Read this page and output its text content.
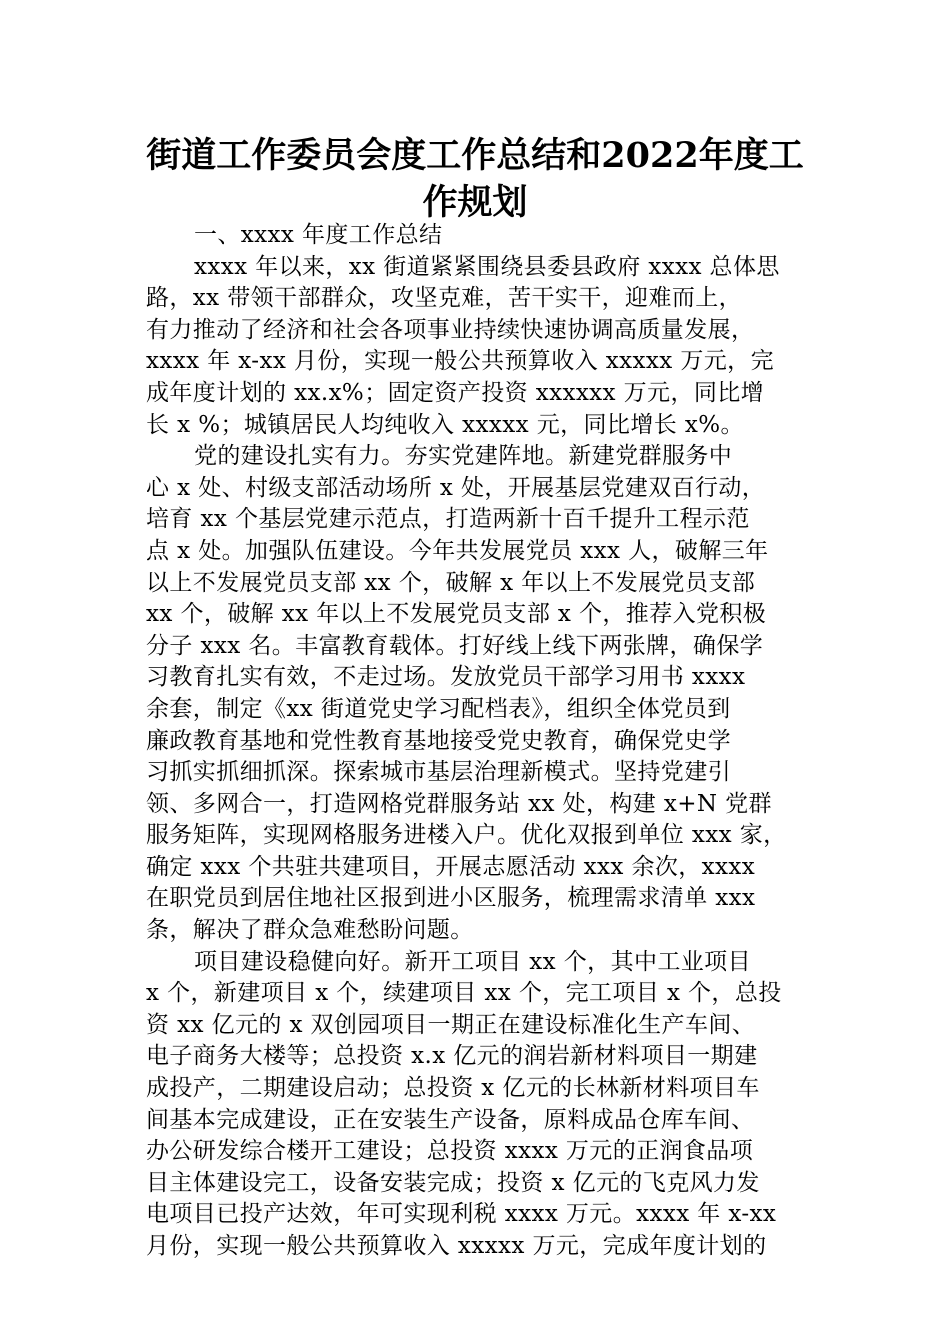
街道工作委员会度工作总结和2022年度工
作规划
一、xxxx 年度工作总结
xxxx 年以来，xx 街道紧紧围绕县委县政府 xxxx 总体思
路，xx 带领干部群众，攻坚克难，苦干实干，迎难而上，
有力推动了经济和社会各项事业持续快速协调高质量发展，
xxxx 年 x-xx 月份，实现一般公共预算收入 xxxxx 万元，完
成年度计划的 xx.x%；固定资产投资 xxxxxx 万元，同比增
长 x %；城镇居民人均纯收入 xxxxx 元，同比增长 x%。
党的建设扎实有力。夯实党建阵地。新建党群服务中
心 x 处、村级支部活动场所 x 处，开展基层党建双百行动，
培育 xx 个基层党建示范点，打造两新十百千提升工程示范
点 x 处。加强队伍建设。今年共发展党员 xxx 人，破解三年
以上不发展党员支部 xx 个，破解 x 年以上不发展党员支部
xx 个，破解 xx 年以上不发展党员支部 x 个，推荐入党积极
分子 xxx 名。丰富教育载体。打好线上线下两张牌，确保学
习教育扎实有效，不走过场。发放党员干部学习用书 xxxx
余套，制定《xx 街道党史学习配档表》，组织全体党员到
廉政教育基地和党性教育基地接受党史教育，确保党史学
习抓实抓细抓深。探索城市基层治理新模式。坚持党建引
领、多网合一，打造网格党群服务站 xx 处，构建 x+N 党群
服务矩阵，实现网格服务进楼入户。优化双报到单位 xxx 家，
确定 xxx 个共驻共建项目，开展志愿活动 xxx 余次，xxxx
在职党员到居住地社区报到进小区服务，梳理需求清单 xxx
条，解决了群众急难愁盼问题。
项目建设稳健向好。新开工项目 xx 个，其中工业项目
x 个，新建项目 x 个，续建项目 xx 个，完工项目 x 个，总投
资 xx 亿元的 x 双创园项目一期正在建设标准化生产车间、
电子商务大楼等；总投资 x.x 亿元的润岩新材料项目一期建
成投产，二期建设启动；总投资 x 亿元的长林新材料项目车
间基本完成建设，正在安装生产设备，原料成品仓库车间、
办公研发综合楼开工建设；总投资 xxxx 万元的正润食品项
目主体建设完工，设备安装完成；投资 x 亿元的飞克风力发
电项目已投产达效，年可实现利税 xxxx 万元。xxxx 年 x-xx
月份，实现一般公共预算收入 xxxxx 万元，完成年度计划的
